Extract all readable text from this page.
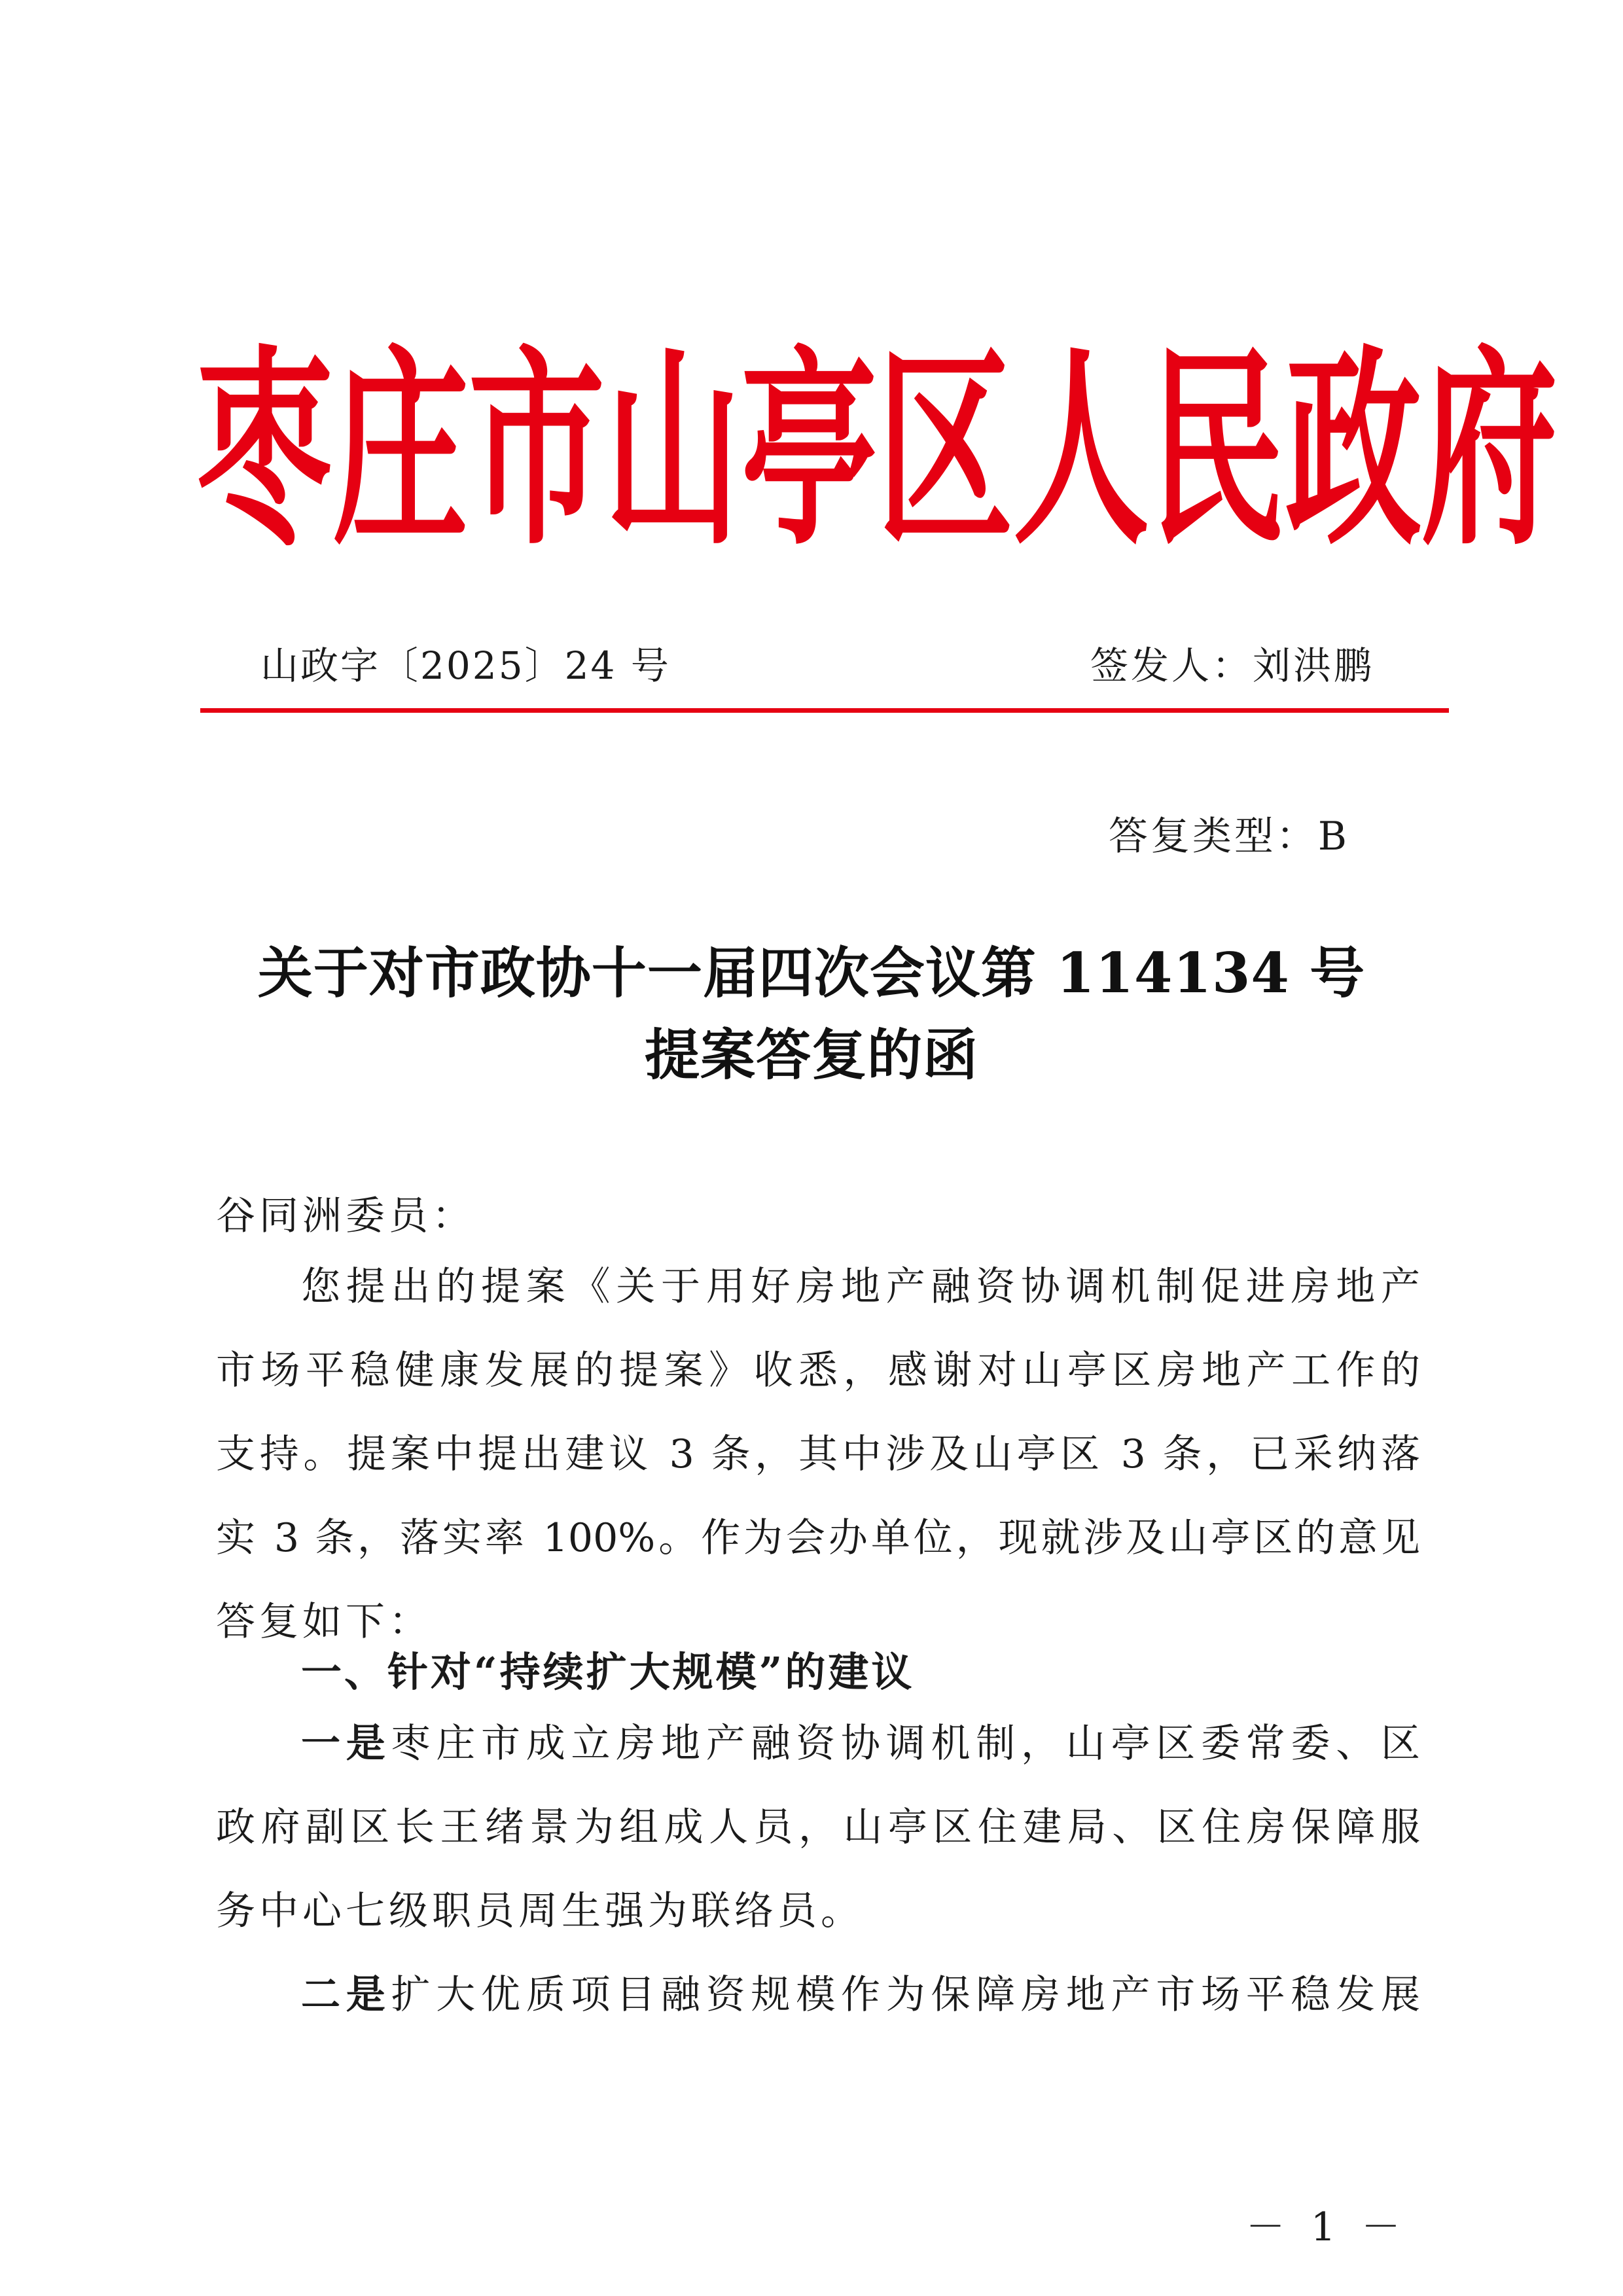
枣 庄 市 山 亭 区 人 民 政 府
山政字〔2025〕24 号	签发人：刘洪鹏
答复类型：B
关于对市政协十一届四次会议第 114134 号
提案答复的函
谷同洲委员：
您提出的提案《关于用好房地产融资协调机制促进房地产
市场平稳健康发展的提案》收悉，感谢对山亭区房地产工作的
支持。提案中提出建议 3 条，其中涉及山亭区 3 条，已采纳落
实 3 条，落实率 100%。作为会办单位，现就涉及山亭区的意见
答复如下：
一、针对“持续扩大规模”的建议
一是枣庄市成立房地产融资协调机制，山亭区委常委、区
政府副区长王绪景为组成人员，山亭区住建局、区住房保障服
务中心七级职员周生强为联络员。
二是扩大优质项目融资规模作为保障房地产市场平稳发展
－ 1 －
